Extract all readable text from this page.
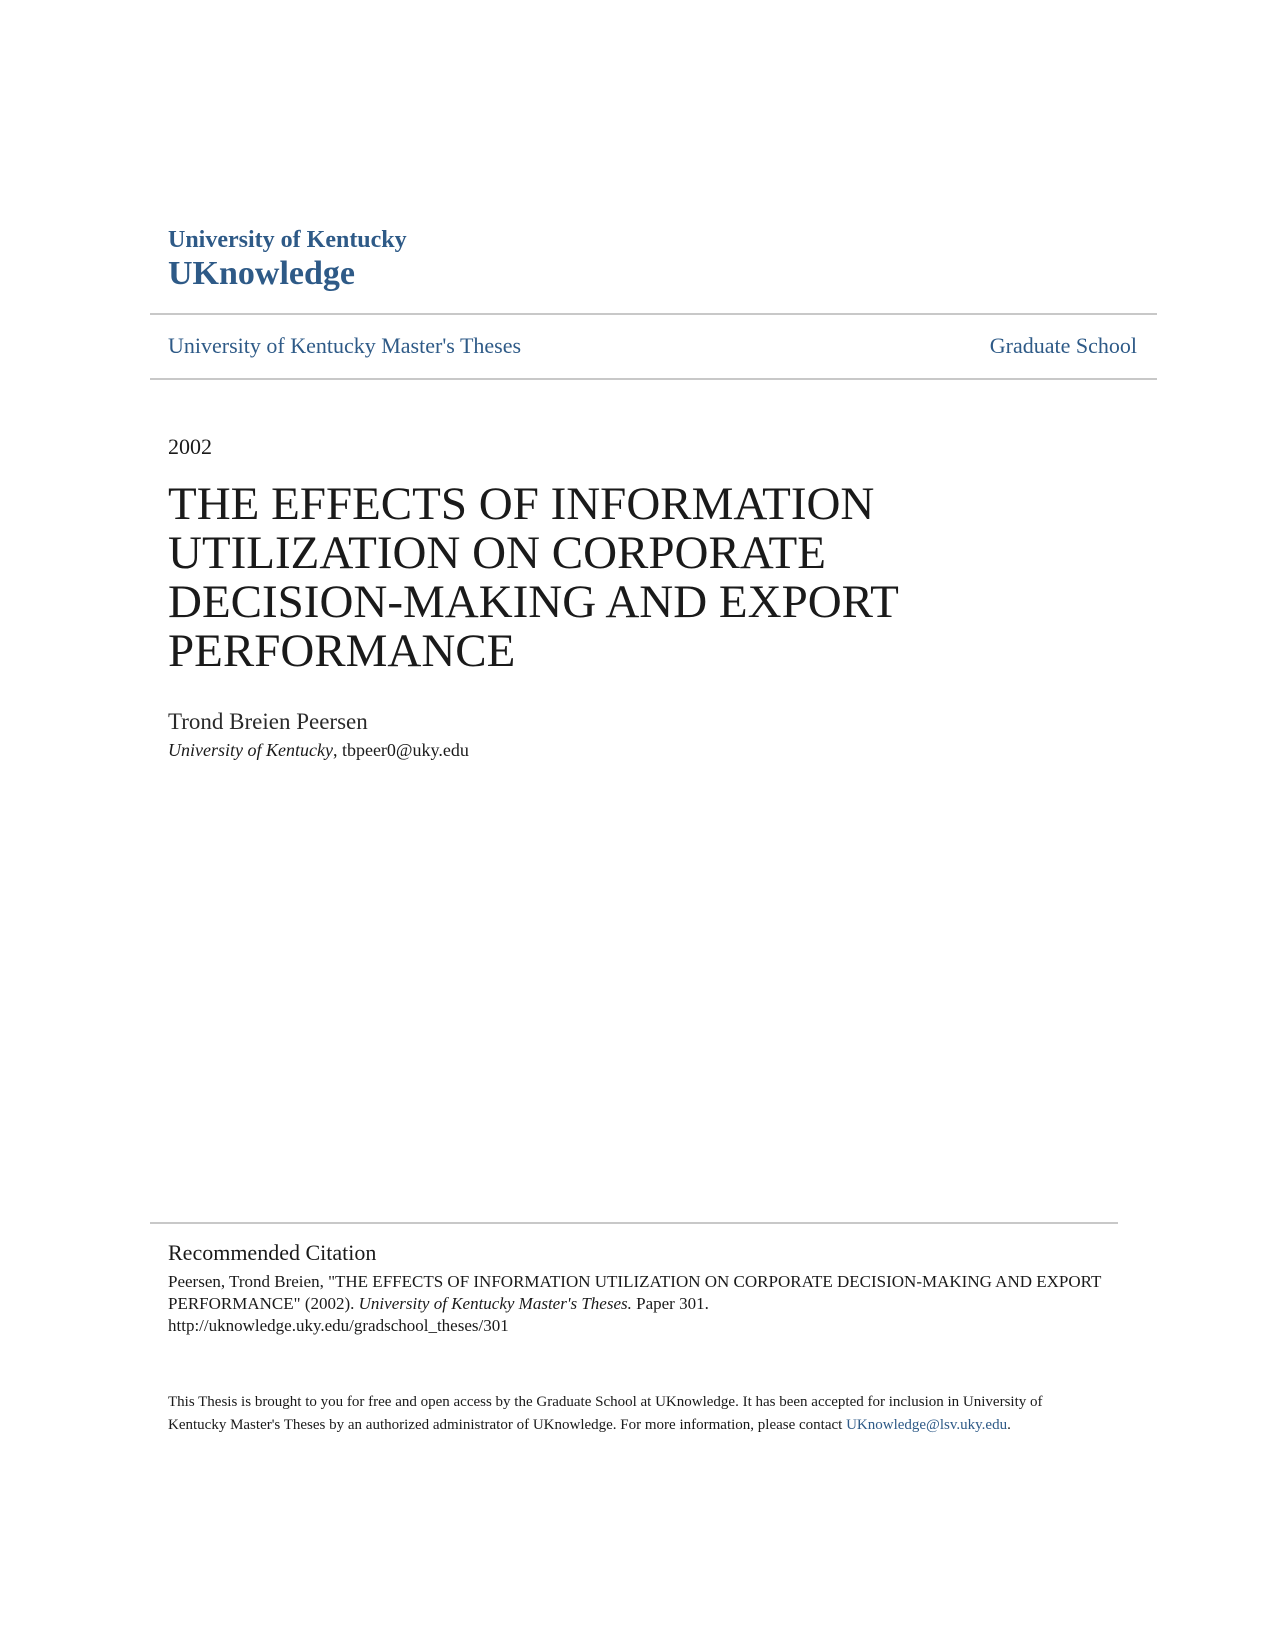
University of Kentucky
UKnowledge
University of Kentucky Master's Theses	Graduate School
2002
THE EFFECTS OF INFORMATION UTILIZATION ON CORPORATE DECISION-MAKING AND EXPORT PERFORMANCE
Trond Breien Peersen
University of Kentucky, tbpeer0@uky.edu
Recommended Citation
Peersen, Trond Breien, "THE EFFECTS OF INFORMATION UTILIZATION ON CORPORATE DECISION-MAKING AND EXPORT PERFORMANCE" (2002). University of Kentucky Master's Theses. Paper 301.
http://uknowledge.uky.edu/gradschool_theses/301
This Thesis is brought to you for free and open access by the Graduate School at UKnowledge. It has been accepted for inclusion in University of Kentucky Master's Theses by an authorized administrator of UKnowledge. For more information, please contact UKnowledge@lsv.uky.edu.
